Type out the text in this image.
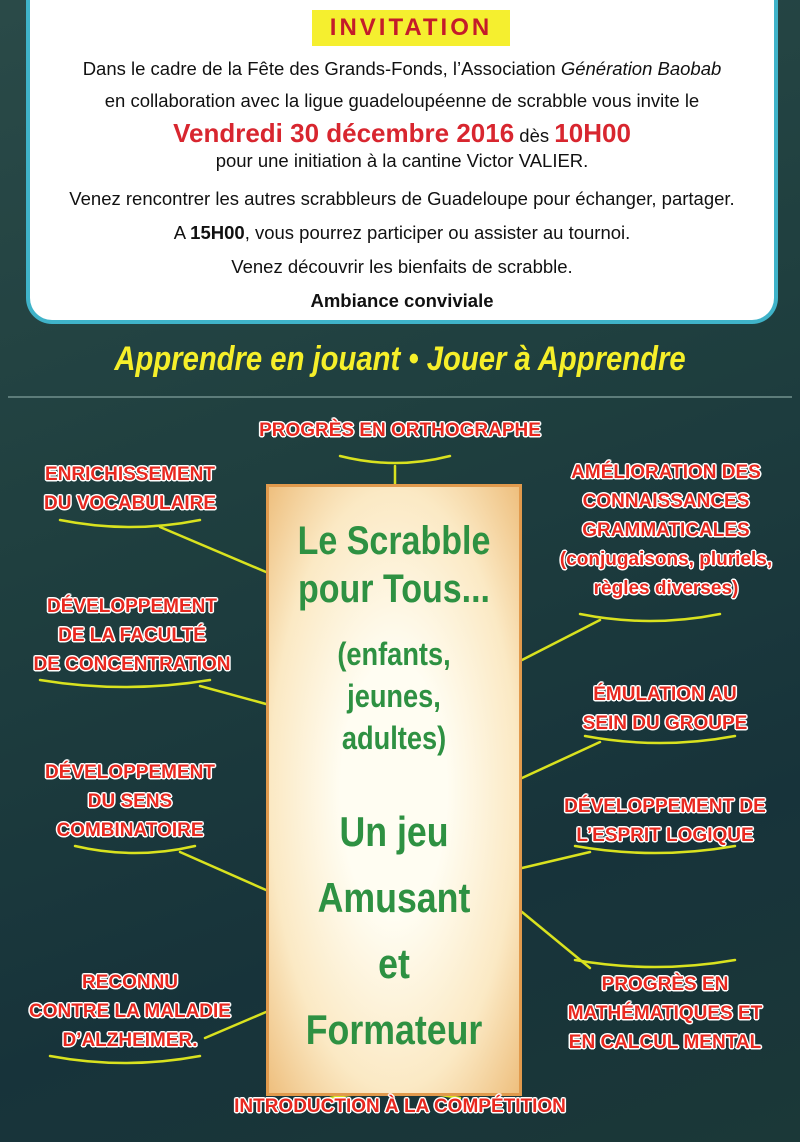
INVITATION
Dans le cadre de la Fête des Grands-Fonds, l’Association Génération Baobab
en collaboration avec la ligue guadeloupéenne de scrabble vous invite le
Vendredi 30 décembre 2016 dès 10H00
pour une initiation à la cantine Victor VALIER.
Venez rencontrer les autres scrabbleurs de Guadeloupe pour échanger, partager.
A 15H00, vous pourrez participer ou assister au tournoi.
Venez découvrir les bienfaits de scrabble.
Ambiance conviviale
Apprendre en jouant • Jouer à Apprendre
Le Scrabble
pour Tous...
(enfants, jeunes,
adultes)
Un jeu
Amusant
et
Formateur
PROGRÈS EN ORTHOGRAPHE
ENRICHISSEMENT
DU VOCABULAIRE
DÉVELOPPEMENT
DE LA FACULTÉ
DE CONCENTRATION
DÉVELOPPEMENT
DU SENS
COMBINATOIRE
RECONNU
CONTRE LA MALADIE
D’ALZHEIMER.
AMÉLIORATION DES
CONNAISSANCES
GRAMMATICALES
(conjugaisons, pluriels,
règles diverses)
ÉMULATION AU
SEIN DU GROUPE
DÉVELOPPEMENT DE
L’ESPRIT LOGIQUE
PROGRÈS EN
MATHÉMATIQUES ET
EN CALCUL MENTAL
INTRODUCTION À LA COMPÉTITION
